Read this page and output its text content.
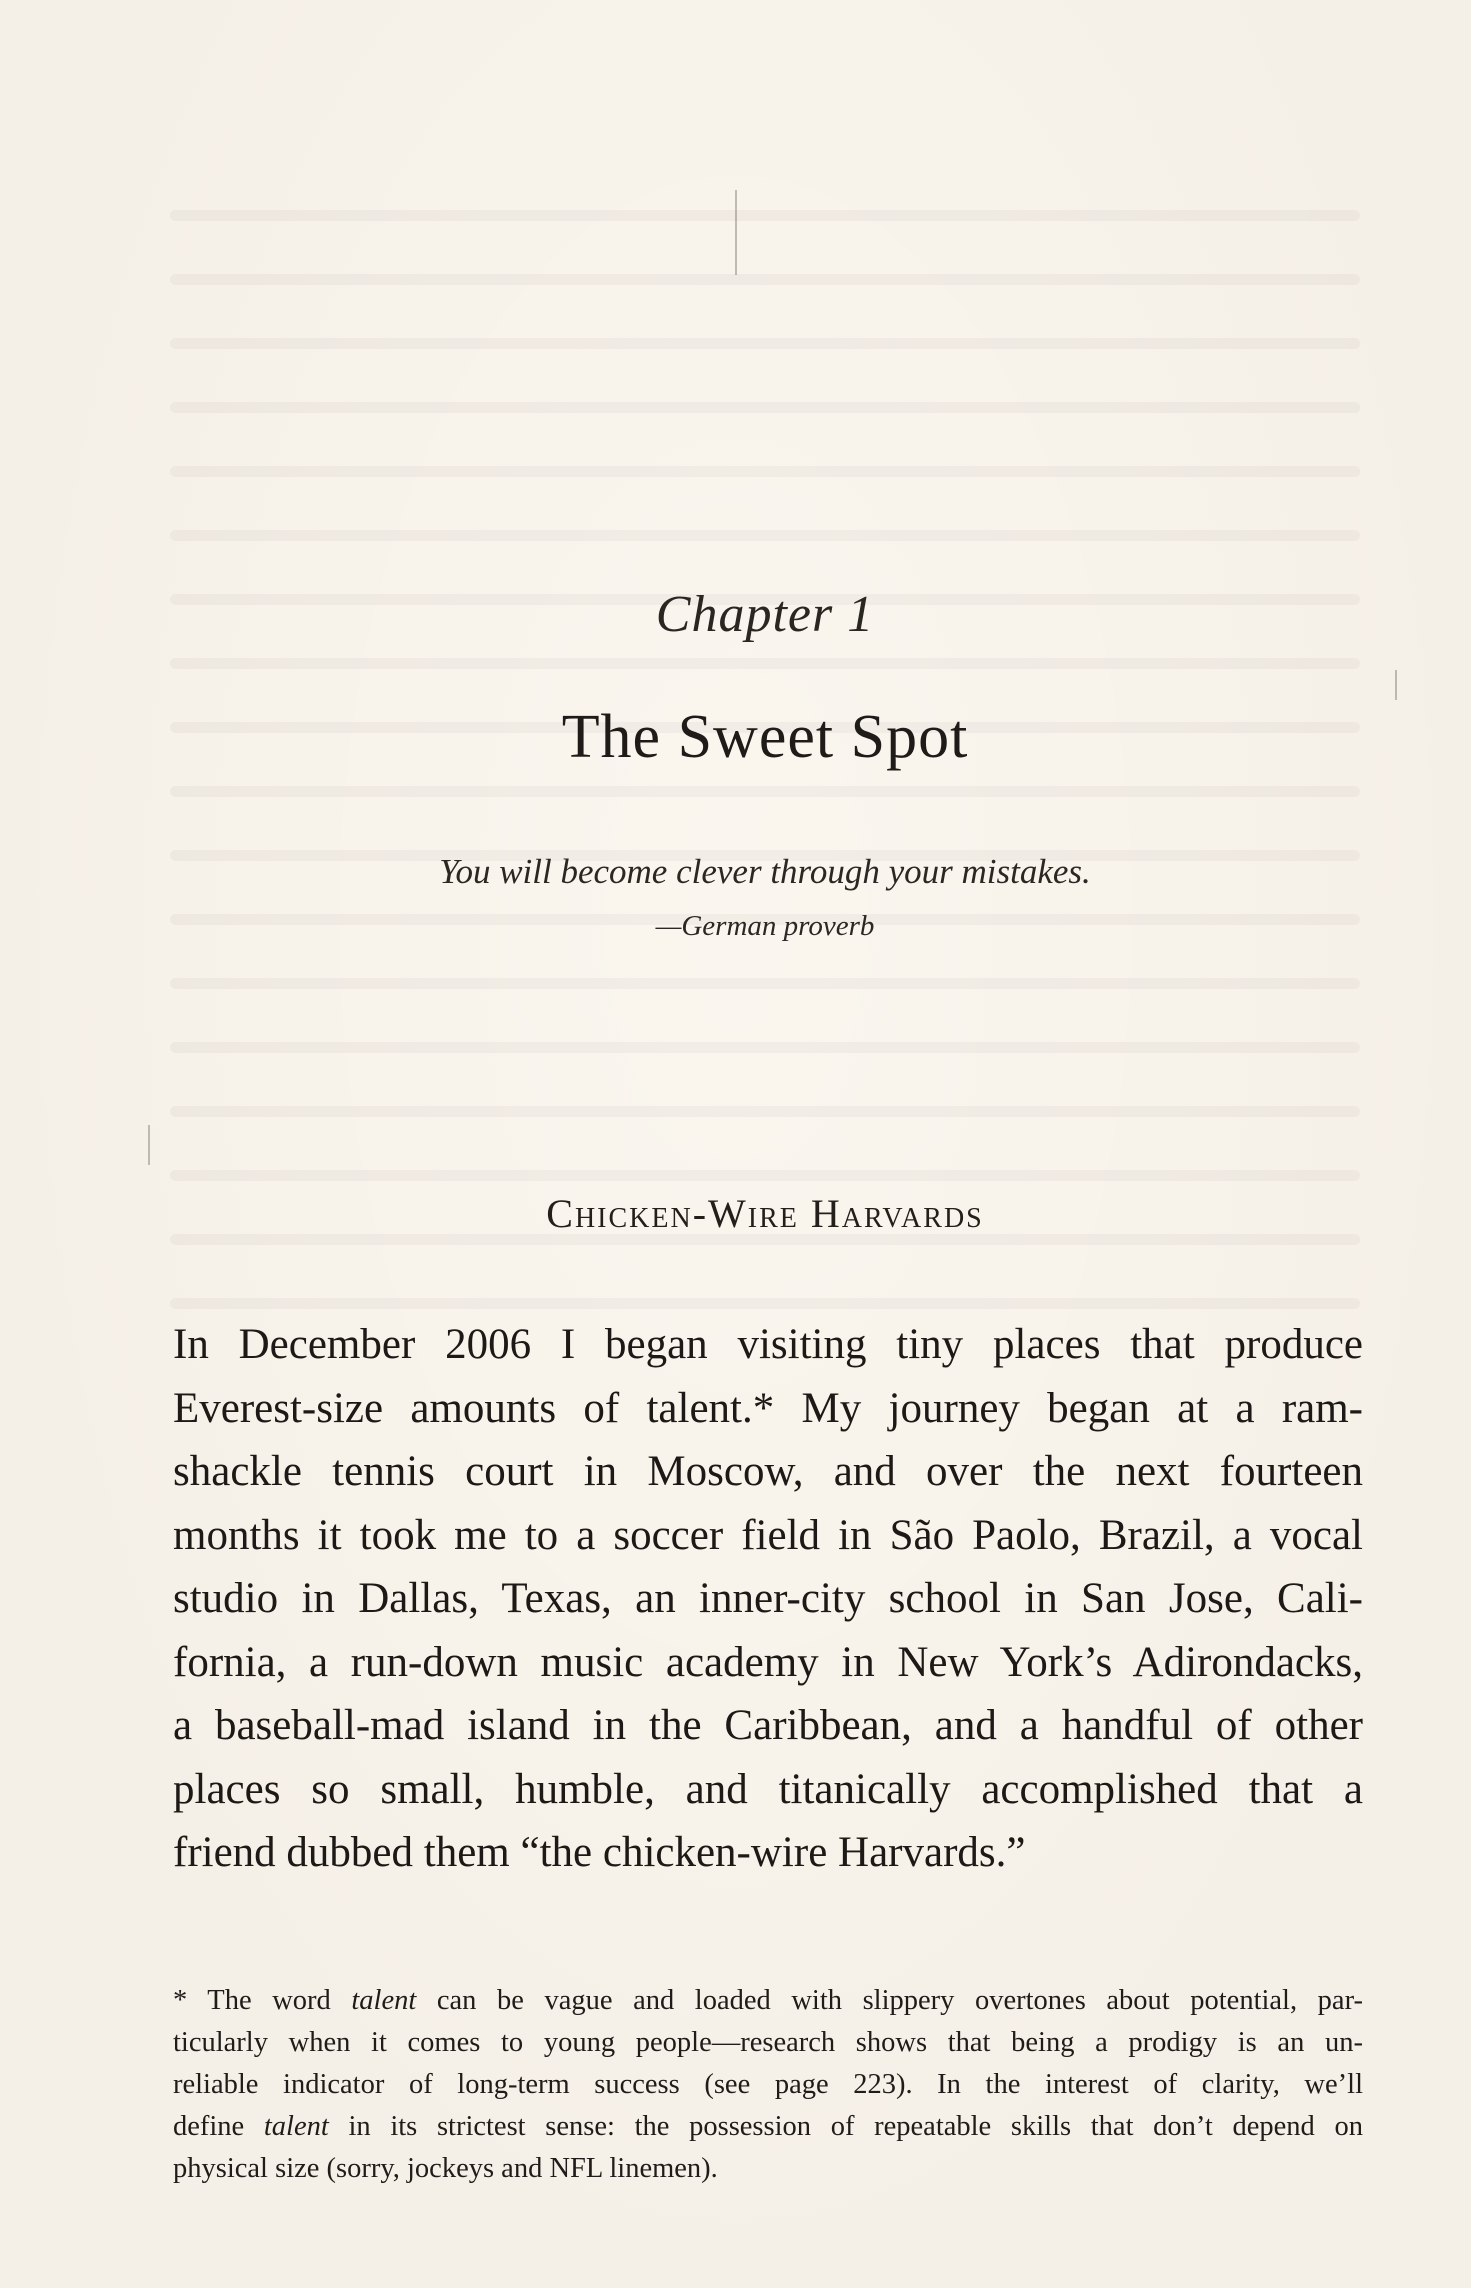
Chapter 1
The Sweet Spot
You will become clever through your mistakes.
—German proverb
Chicken-Wire Harvards
In December 2006 I began visiting tiny places that produce
Everest-size amounts of talent.* My journey began at a ram-
shackle tennis court in Moscow, and over the next fourteen
months it took me to a soccer field in São Paolo, Brazil, a vocal
studio in Dallas, Texas, an inner-city school in San Jose, Cali-
fornia, a run-down music academy in New York’s Adirondacks,
a baseball-mad island in the Caribbean, and a handful of other
places so small, humble, and titanically accomplished that a
friend dubbed them “the chicken-wire Harvards.”
* The word talent can be vague and loaded with slippery overtones about potential, par-
ticularly when it comes to young people—research shows that being a prodigy is an un-
reliable indicator of long-term success (see page 223). In the interest of clarity, we’ll
define talent in its strictest sense: the possession of repeatable skills that don’t depend on
physical size (sorry, jockeys and NFL linemen).
